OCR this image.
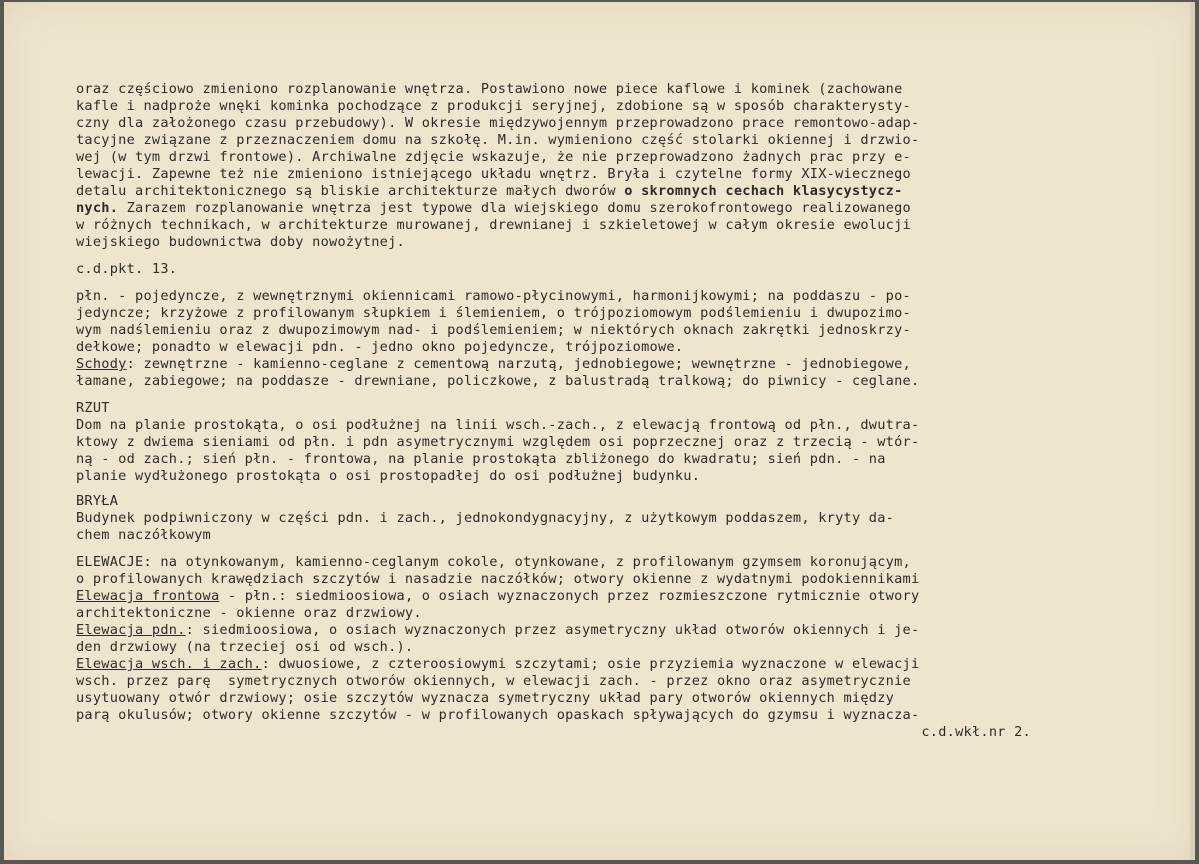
oraz częściowo zmieniono rozplanowanie wnętrza. Postawiono nowe piece kaflowe i kominek (zachowane
kafle i nadproże wnęki kominka pochodzące z produkcji seryjnej, zdobione są w sposób charakterysty-
czny dla założonego czasu przebudowy). W okresie międzywojennym przeprowadzono prace remontowo-adap-
tacyjne związane z przeznaczeniem domu na szkołę. M.in. wymieniono część stolarki okiennej i drzwio-
wej (w tym drzwi frontowe). Archiwalne zdjęcie wskazuje, że nie przeprowadzono żadnych prac przy e-
lewacji. Zapewne też nie zmieniono istniejącego układu wnętrz. Bryła i czytelne formy XIX-wiecznego
detalu architektonicznego są bliskie architekturze małych dworów o skromnych cechach klasycystycz-
nych. Zarazem rozplanowanie wnętrza jest typowe dla wiejskiego domu szerokofrontowego realizowanego
w różnych technikach, w architekturze murowanej, drewnianej i szkieletowej w całym okresie ewolucji
wiejskiego budownictwa doby nowożytnej.
c.d.pkt. 13.
płn. - pojedyncze, z wewnętrznymi okiennicami ramowo-płycinowymi, harmonijkowymi; na poddaszu - po-
jedyncze; krzyżowe z profilowanym słupkiem i ślemieniem, o trójpoziomowym podślemieniu i dwupozimo-
wym nadślemieniu oraz z dwupozimowym nad- i podślemieniem; w niektórych oknach zakrętki jednoskrzy-
dełkowe; ponadto w elewacji pdn. - jedno okno pojedyncze, trójpoziomowe.
Schody: zewnętrzne - kamienno-ceglane z cementową narzutą, jednobiegowe; wewnętrzne - jednobiegowe,
łamane, zabiegowe; na poddasze - drewniane, policzkowe, z balustradą tralkową; do piwnicy - ceglane.
RZUT
Dom na planie prostokąta, o osi podłużnej na linii wsch.-zach., z elewacją frontową od płn., dwutra-
ktowy z dwiema sieniami od płn. i pdn asymetrycznymi względem osi poprzecznej oraz z trzecią - wtór-
ną - od zach.; sień płn. - frontowa, na planie prostokąta zbliżonego do kwadratu; sień pdn. - na
planie wydłużonego prostokąta o osi prostopadłej do osi podłużnej budynku.
BRYŁA
Budynek podpiwniczony w części pdn. i zach., jednokondygnacyjny, z użytkowym poddaszem, kryty da-
chem naczółkowym
ELEWACJE: na otynkowanym, kamienno-ceglanym cokole, otynkowane, z profilowanym gzymsem koronującym,
o profilowanych krawędziach szczytów i nasadzie naczółków; otwory okienne z wydatnymi podokiennikami
Elewacja frontowa - płn.: siedmioosiowa, o osiach wyznaczonych przez rozmieszczone rytmicznie otwory
architektoniczne - okienne oraz drzwiowy.
Elewacja pdn.: siedmioosiowa, o osiach wyznaczonych przez asymetryczny układ otworów okiennych i je-
den drzwiowy (na trzeciej osi od wsch.).
Elewacja wsch. i zach.: dwuosiowe, z czteroosiowymi szczytami; osie przyziemia wyznaczone w elewacji
wsch. przez parę  symetrycznych otworów okiennych, w elewacji zach. - przez okno oraz asymetrycznie
usytuowany otwór drzwiowy; osie szczytów wyznacza symetryczny układ pary otworów okiennych między
parą okulusów; otwory okienne szczytów - w profilowanych opaskach spływających do gzymsu i wyznacza-
c.d.wkł.nr 2.
